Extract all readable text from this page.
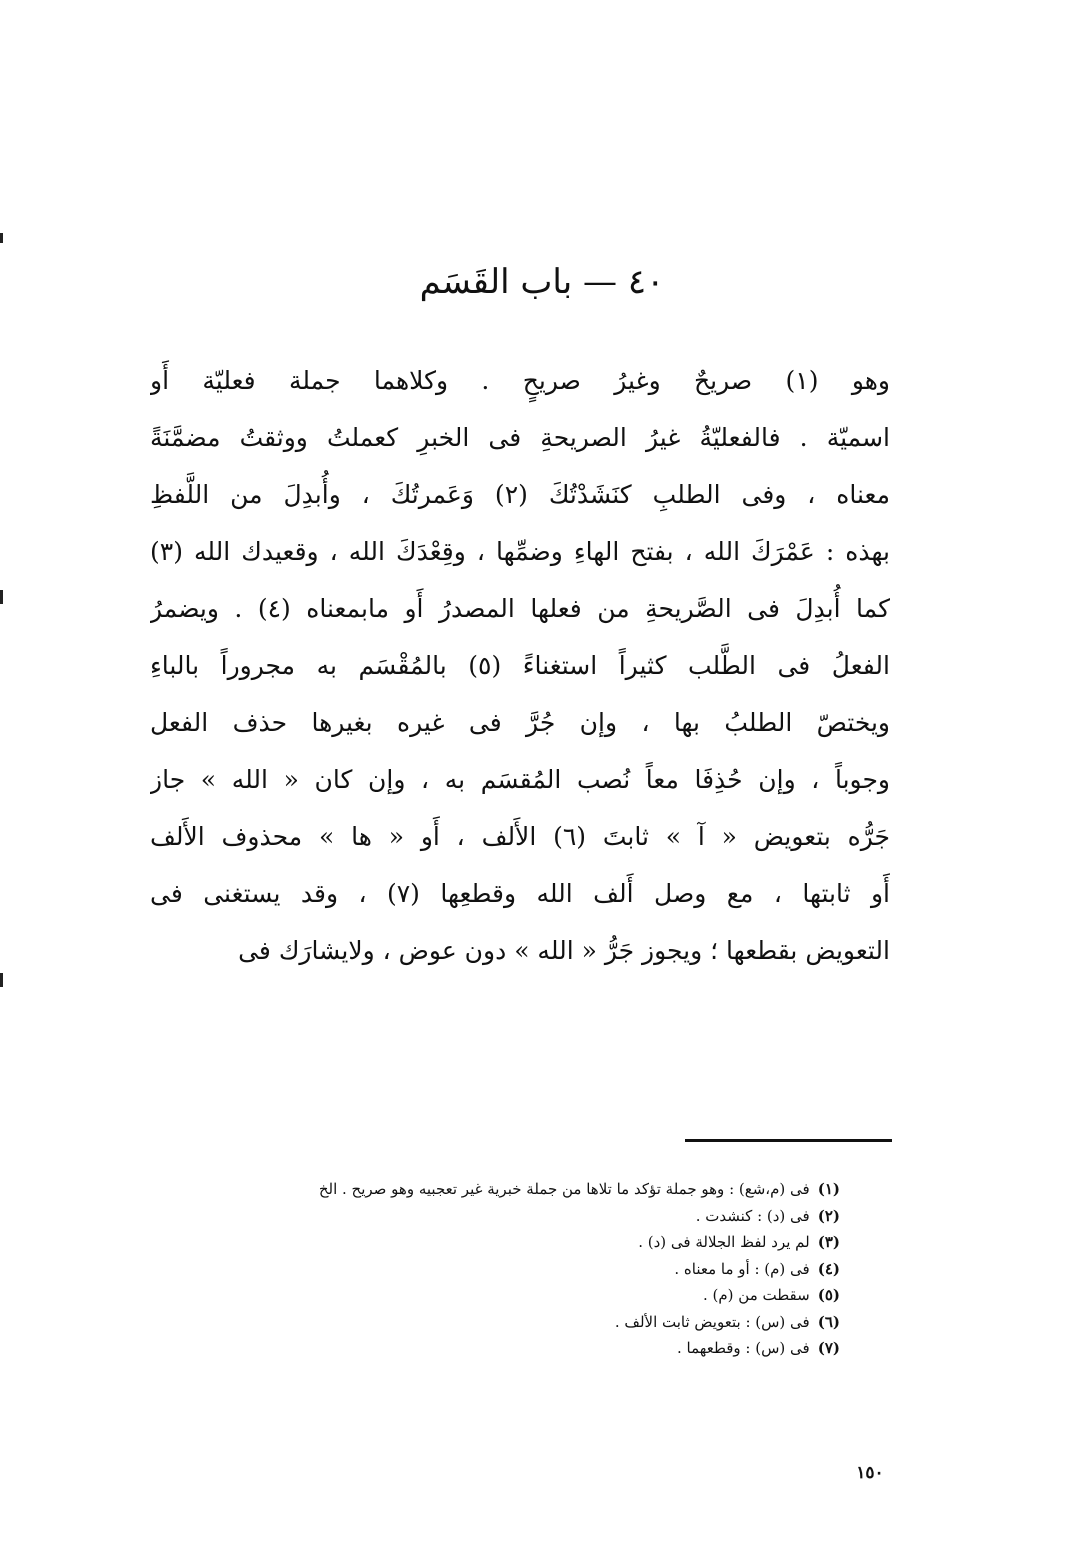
٤٠ — باب القَسَم
وهو (١) صريحٌ وغيرُ صريحٍ . وكلاهما جملة فعليّة أَو
اسميّة . فالفعليّةُ غيرُ الصريحةِ فى الخبرِ كعملتُ ووثقتُ مضمَّنَةً
معناه ، وفى الطلبِ كنَشَدْتُكَ (٢) وَعَمرتُكَ ، وأُبدِلَ من اللَّفظِ
بهذه : عَمْرَكَ الله ، بفتح الهاءِ وضمِّها ، وقِعْدَكَ الله ، وقعيدك الله (٣)
كما أُبدِلَ فى الصَّريحةِ من فعلها المصدرُ أَو مابمعناه (٤) . ويضمرُ
الفعلُ فى الطَّلب كثيراً استغناءً (٥) بالمُقْسَم به مجروراً بالباءِ
ويختصّ الطلبُ بها ، وإن جُرَّ فى غيره بغيرها حذف الفعل
وجوباً ، وإن حُذِفَا معاً نُصب المُقسَم به ، وإن كان « الله » جاز
جَرُّه بتعويض « آ » ثابتَ (٦) الأَلف ، أَو « ها » محذوف الأَلف
أَو ثابتها ، مع وصل أَلف الله وقطعِها (٧) ، وقد يستغنى فى
التعويض بقطعها ؛ ويجوز جَرُّ « الله » دون عوض ، ولايشارَك فى
(١)فى (م،شع) : وهو جملة تؤكد ما تلاها من جملة خبرية غير تعجبيه وهو صريح . الخ
(٢)فى (د) : كنشدت .
(٣)لم يرد لفظ الجلالة فى (د) .
(٤)فى (م) : أو ما معناه .
(٥)سقطت من (م) .
(٦)فى (س) : بتعويض ثابت الألف .
(٧)فى (س) : وقطعهما .
١٥٠
